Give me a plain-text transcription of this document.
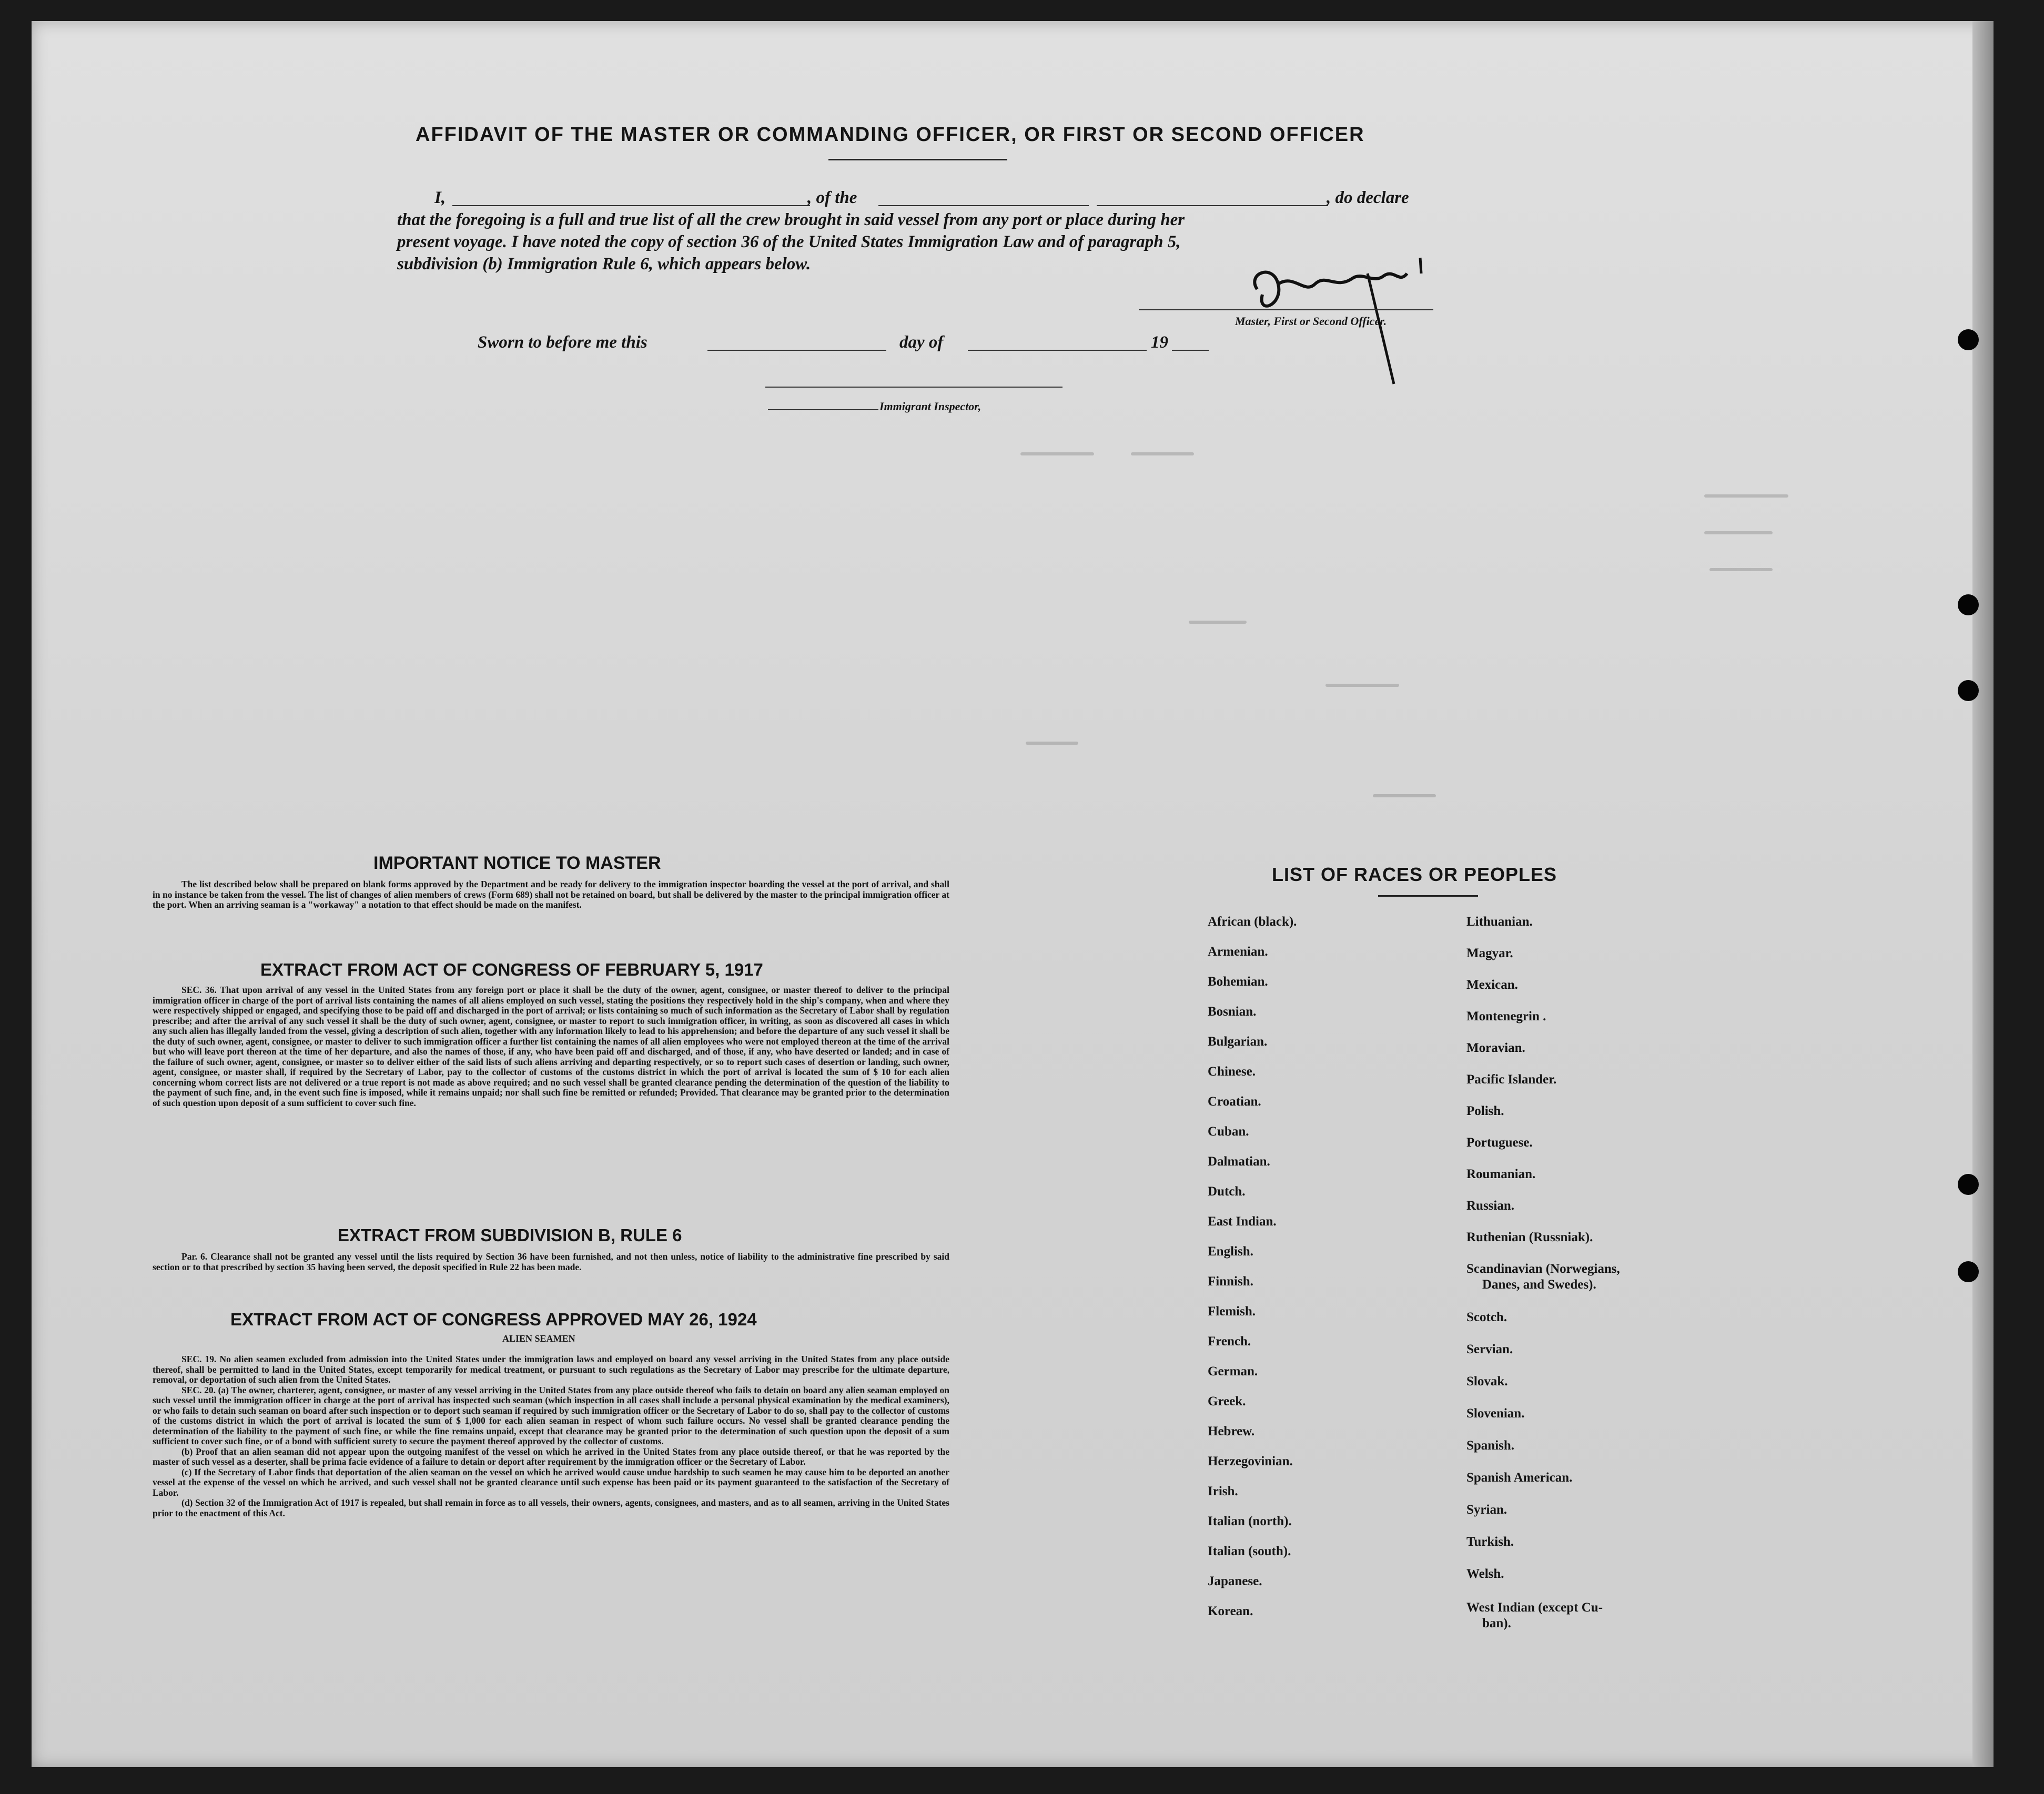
AFFIDAVIT OF THE MASTER OR COMMANDING OFFICER, OR FIRST OR SECOND OFFICER
I,	, of the	, do declare
that the foregoing is a full and true list of all the crew brought in said vessel from any port or place during her
present voyage. I have noted the copy of section 36 of the United States Immigration Law and of paragraph 5,
subdivision (b) Immigration Rule 6, which appears below.
Master, First or Second Officer.
Sworn to before me this	day of	19
Immigrant Inspector,
IMPORTANT NOTICE TO MASTER

The list described below shall be prepared on blank forms approved by the Department and be ready for delivery to the immigration inspector boarding the vessel at the port of arrival, and shall in no instance be taken from the vessel. The list of changes of alien members of crews (Form 689) shall not be retained on board, but shall be delivered by the master to the principal immigration officer at the port. When an arriving seaman is a "workaway" a notation to that effect should be made on the manifest.

EXTRACT FROM ACT OF CONGRESS OF FEBRUARY 5, 1917

SEC. 36. That upon arrival of any vessel in the United States from any foreign port or place it shall be the duty of the owner, agent, consignee, or master thereof to deliver to the principal immigration officer in charge of the port of arrival lists containing the names of all aliens employed on such vessel, stating the positions they respectively hold in the ship's company, when and where they were respectively shipped or engaged, and specifying those to be paid off and discharged in the port of arrival; or lists containing so much of such information as the Secretary of Labor shall by regulation prescribe; and after the arrival of any such vessel it shall be the duty of such owner, agent, consignee, or master to report to such immigration officer, in writing, as soon as discovered all cases in which any such alien has illegally landed from the vessel, giving a description of such alien, together with any information likely to lead to his apprehension; and before the departure of any such vessel it shall be the duty of such owner, agent, consignee, or master to deliver to such immigration officer a further list containing the names of all alien employees who were not employed thereon at the time of the arrival but who will leave port thereon at the time of her departure, and also the names of those, if any, who have been paid off and discharged, and of those, if any, who have deserted or landed; and in case of the failure of such owner, agent, consignee, or master so to deliver either of the said lists of such aliens arriving and departing respectively, or so to report such cases of desertion or landing, such owner, agent, consignee, or master shall, if required by the Secretary of Labor, pay to the collector of customs of the customs district in which the port of arrival is located the sum of $ 10 for each alien concerning whom correct lists are not delivered or a true report is not made as above required; and no such vessel shall be granted clearance pending the determination of the question of the liability to the payment of such fine, and, in the event such fine is imposed, while it remains unpaid; nor shall such fine be remitted or refunded; Provided. That clearance may be granted prior to the determination of such question upon deposit of a sum sufficient to cover such fine.

EXTRACT FROM SUBDIVISION B, RULE 6

Par. 6. Clearance shall not be granted any vessel until the lists required by Section 36 have been furnished, and not then unless, notice of liability to the administrative fine prescribed by said section or to that prescribed by section 35 having been served, the deposit specified in Rule 22 has been made.

EXTRACT FROM ACT OF CONGRESS APPROVED MAY 26, 1924
ALIEN SEAMEN

SEC. 19. No alien seamen excluded from admission into the United States under the immigration laws and employed on board any vessel arriving in the United States from any place outside thereof, shall be permitted to land in the United States, except temporarily for medical treatment, or pursuant to such regulations as the Secretary of Labor may prescribe for the ultimate departure, removal, or deportation of such alien from the United States.

SEC. 20. (a) The owner, charterer, agent, consignee, or master of any vessel arriving in the United States from any place outside thereof who fails to detain on board any alien seaman employed on such vessel until the immigration officer in charge at the port of arrival has inspected such seaman (which inspection in all cases shall include a personal physical examination by the medical examiners), or who fails to detain such seaman on board after such inspection or to deport such seaman if required by such immigration officer or the Secretary of Labor to do so, shall pay to the collector of customs of the customs district in which the port of arrival is located the sum of $ 1,000 for each alien seaman in respect of whom such failure occurs. No vessel shall be granted clearance pending the determination of the liability to the payment of such fine, or while the fine remains unpaid, except that clearance may be granted prior to the determination of such question upon the deposit of a sum sufficient to cover such fine, or of a bond with sufficient surety to secure the payment thereof approved by the collector of customs.

(b) Proof that an alien seaman did not appear upon the outgoing manifest of the vessel on which he arrived in the United States from any place outside thereof, or that he was reported by the master of such vessel as a deserter, shall be prima facie evidence of a failure to detain or deport after requirement by the immigration officer or the Secretary of Labor.

(c) If the Secretary of Labor finds that deportation of the alien seaman on the vessel on which he arrived would cause undue hardship to such seamen he may cause him to be deported an another vessel at the expense of the vessel on which he arrived, and such vessel shall not be granted clearance until such expense has been paid or its payment guaranteed to the satisfaction of the Secretary of Labor.

(d) Section 32 of the Immigration Act of 1917 is repealed, but shall remain in force as to all vessels, their owners, agents, consignees, and masters, and as to all seamen, arriving in the United States prior to the enactment of this Act.

LIST OF RACES OR PEOPLES
African (black).
Armenian.
Bohemian.
Bosnian.
Bulgarian.
Chinese.
Croatian.
Cuban.
Dalmatian.
Dutch.
East Indian.
English.
Finnish.
Flemish.
French.
German.
Greek.
Hebrew.
Herzegovinian.
Irish.
Italian (north).
Italian (south).
Japanese.
Korean.
Lithuanian.
Magyar.
Mexican.
Montenegrin .
Moravian.
Pacific Islander.
Polish.
Portuguese.
Roumanian.
Russian.
Ruthenian (Russniak).
Scandinavian (Norwegians,
Danes, and Swedes).
Scotch.
Servian.
Slovak.
Slovenian.
Spanish.
Spanish American.
Syrian.
Turkish.
Welsh.
West Indian (except Cu-
ban).
